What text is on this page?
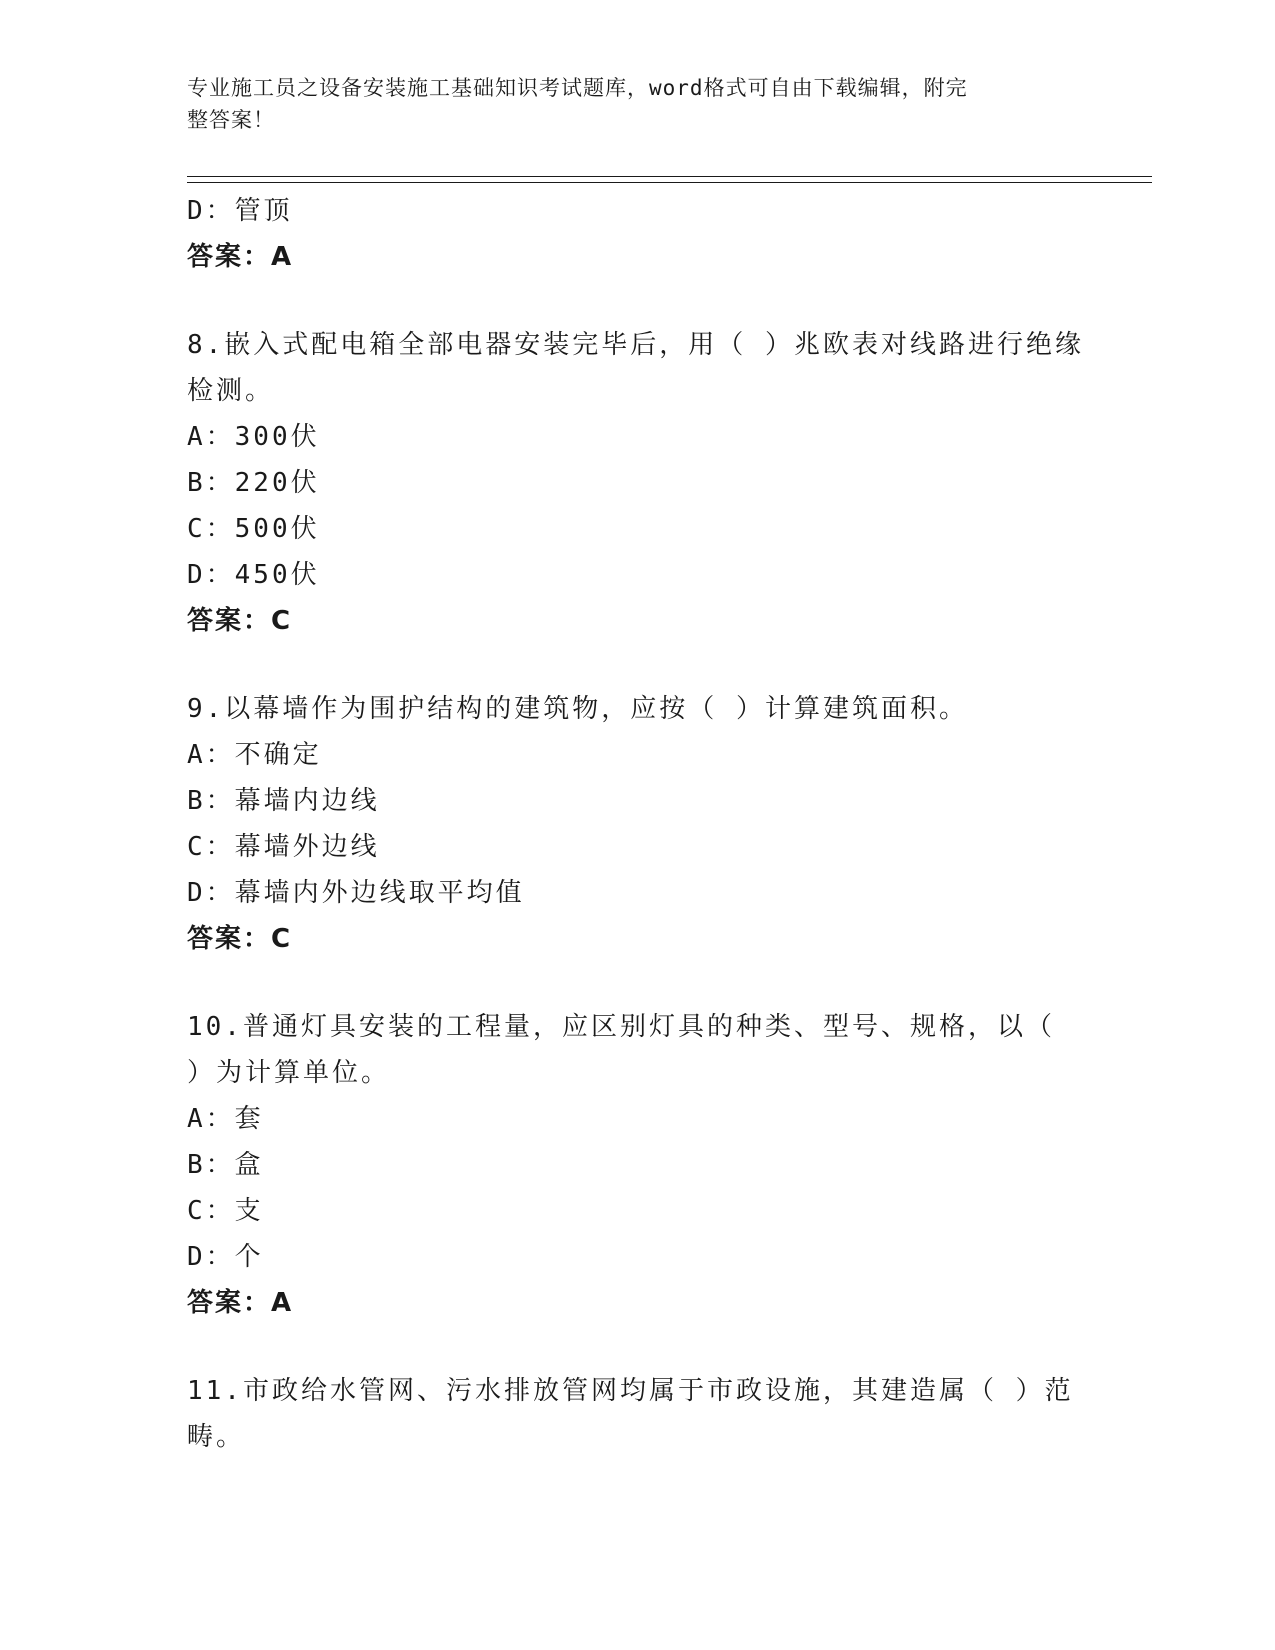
专业施工员之设备安装施工基础知识考试题库，word格式可自由下载编辑，附完
整答案！
D：管顶
答案：A
8.嵌入式配电箱全部电器安装完毕后，用（ ）兆欧表对线路进行绝缘
检测。
A：300伏
B：220伏
C：500伏
D：450伏
答案：C
9.以幕墙作为围护结构的建筑物，应按（ ）计算建筑面积。
A：不确定
B：幕墙内边线
C：幕墙外边线
D：幕墙内外边线取平均值
答案：C
10.普通灯具安装的工程量，应区别灯具的种类、型号、规格，以（
）为计算单位。
A：套
B：盒
C：支
D：个
答案：A
11.市政给水管网、污水排放管网均属于市政设施，其建造属（ ）范
畴。
